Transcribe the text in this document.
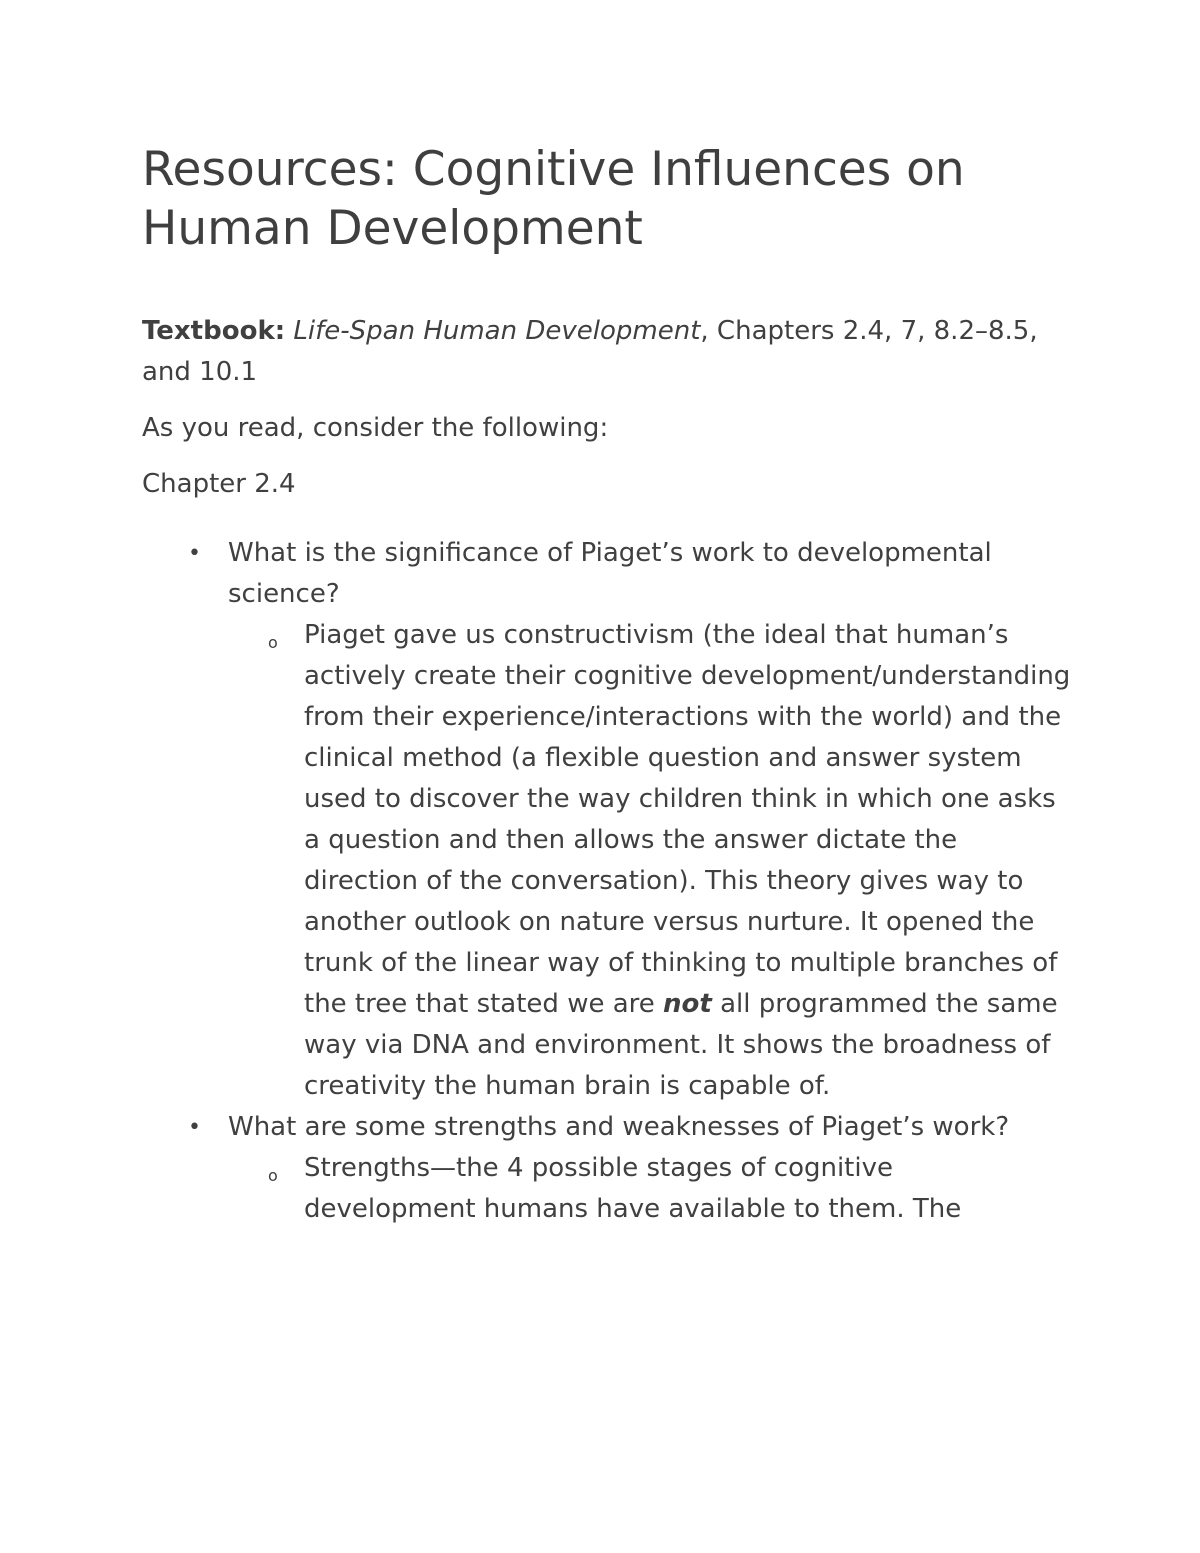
Resources: Cognitive Influences on
Human Development

Textbook: Life-Span Human Development, Chapters 2.4, 7, 8.2–8.5, and 10.1

As you read, consider the following:

Chapter 2.4

• What is the significance of Piaget’s work to developmental science?
o Piaget gave us constructivism (the ideal that human’s actively create their cognitive development/understanding from their experience/interactions with the world) and the clinical method (a flexible question and answer system used to discover the way children think in which one asks a question and then allows the answer dictate the direction of the conversation). This theory gives way to another outlook on nature versus nurture. It opened the trunk of the linear way of thinking to multiple branches of the tree that stated we are not all programmed the same way via DNA and environment. It shows the broadness of creativity the human brain is capable of.
• What are some strengths and weaknesses of Piaget’s work?
o Strengths—the 4 possible stages of cognitive development humans have available to them. The
